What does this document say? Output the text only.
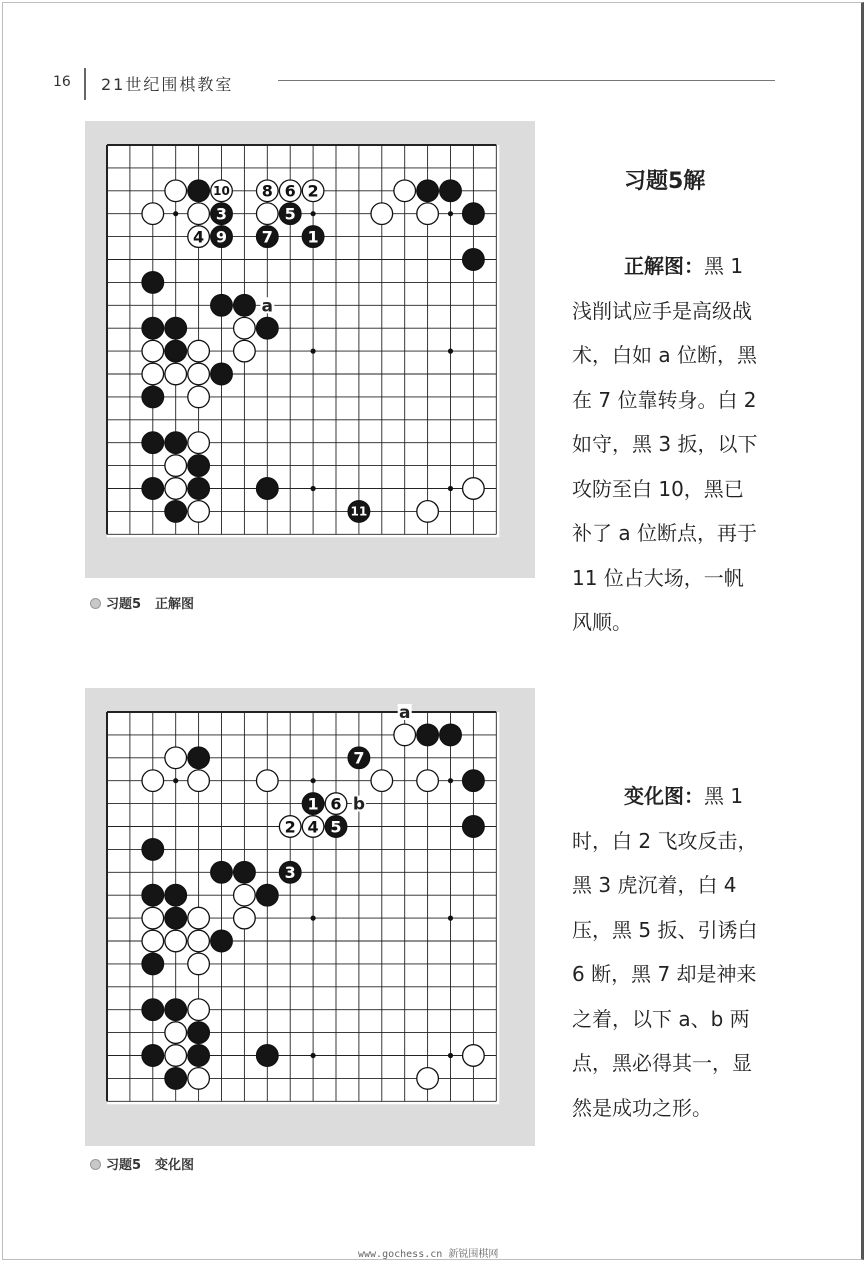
16 21世纪围棋教室
a
10 8 6 2
3	5
4 9 7 1
11
习题5 正解图
习题5解
正解图：黑 1
浅削试应手是高级战
术，白如 a 位断，黑
在 7 位靠转身。白 2
如守，黑 3 扳，以下
攻防至白 10，黑已
补了 a 位断点，再于
11 位占大场，一帆
风顺。
a
b
7
1 6
2 4 5
3
习题5 变化图
变化图：黑 1
时，白 2 飞攻反击，
黑 3 虎沉着，白 4
压，黑 5 扳、引诱白
6 断，黑 7 却是神来
之着，以下 a、b 两
点，黑必得其一，显
然是成功之形。
www.gochess.cn 新锐围棋网
